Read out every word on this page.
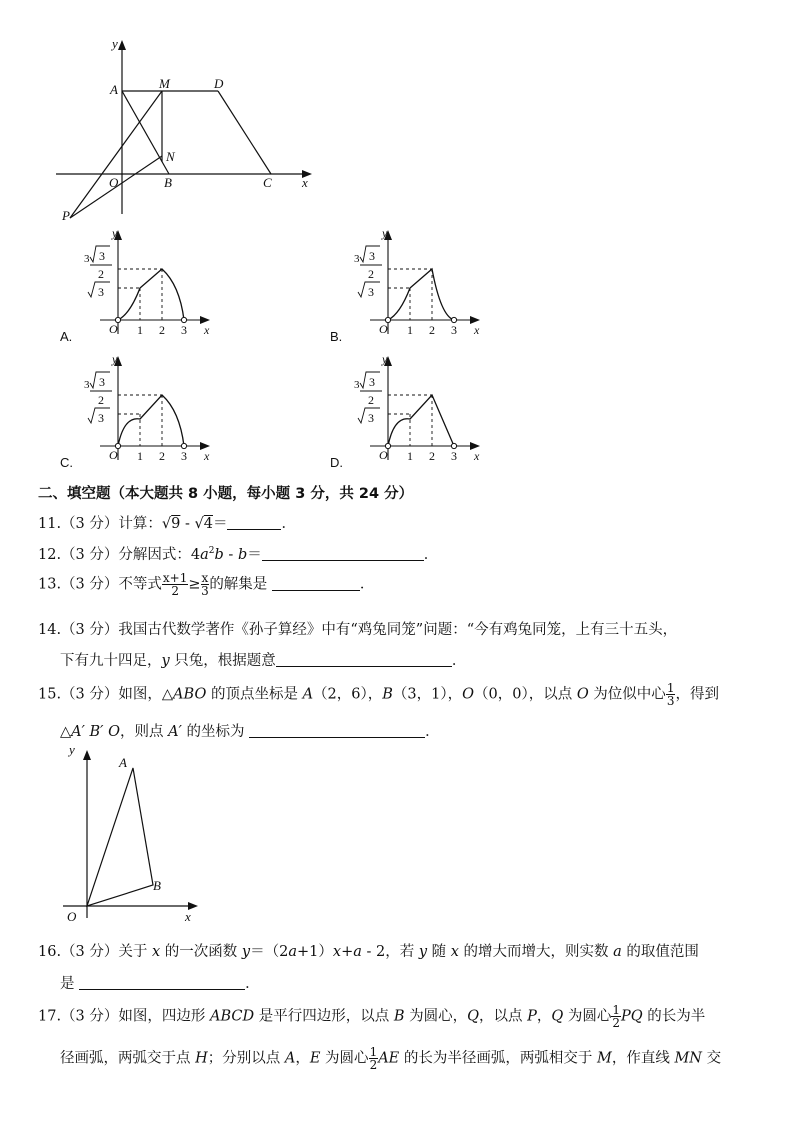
y
A	M	D
N
O	B	C x
P
y
x
O 1 2 3
3 3
2
3
y
x
O 1 2 3
3 3
2
3
y
x
O 1 2 3
3 3
2
3
y
x
O 1 2 3
3 3
2
3
A.	B.
C.	D.
二、填空题（本大题共 8 小题，每小题 3 分，共 24 分）
11.（3 分）计算：√9 - √4＝	．
12.（3 分）分解因式：$4a^2b - b=$	．
13.（3 分）不等式 $\frac{x+1}{2} \ge \frac{x}{3}$ 的解集是	．
14.（3 分）我国古代数学著作《孙子算经》中有“鸡兔同笼”问题：“今有鸡兔同笼，上有三十五头，
下有九十四足，y 只兔，根据题意	．
15.（3 分）如图，△ABO 的顶点坐标是 A（2，6），B（3，1），O（0，0），以点 O 为位似中心 $\frac{1}{3}$ ，得到
△A′ B′ O，则点 A′ 的坐标为	．
y
A
B
O	x
16.（3 分）关于 x 的一次函数 y＝（2a+1）x+a - 2，若 y 随 x 的增大而增大，则实数 a 的取值范围
是	．
17.（3 分）如图，四边形 ABCD 是平行四边形，以点 B 为圆心，Q，以点 P，Q 为圆心 $\frac{1}{2}$ PQ 的长为半
径画弧，两弧交于点 H；分别以点 A，E 为圆心 $\frac{1}{2}$ AE 的长为半径画弧，两弧相交于 M，作直线 MN 交
